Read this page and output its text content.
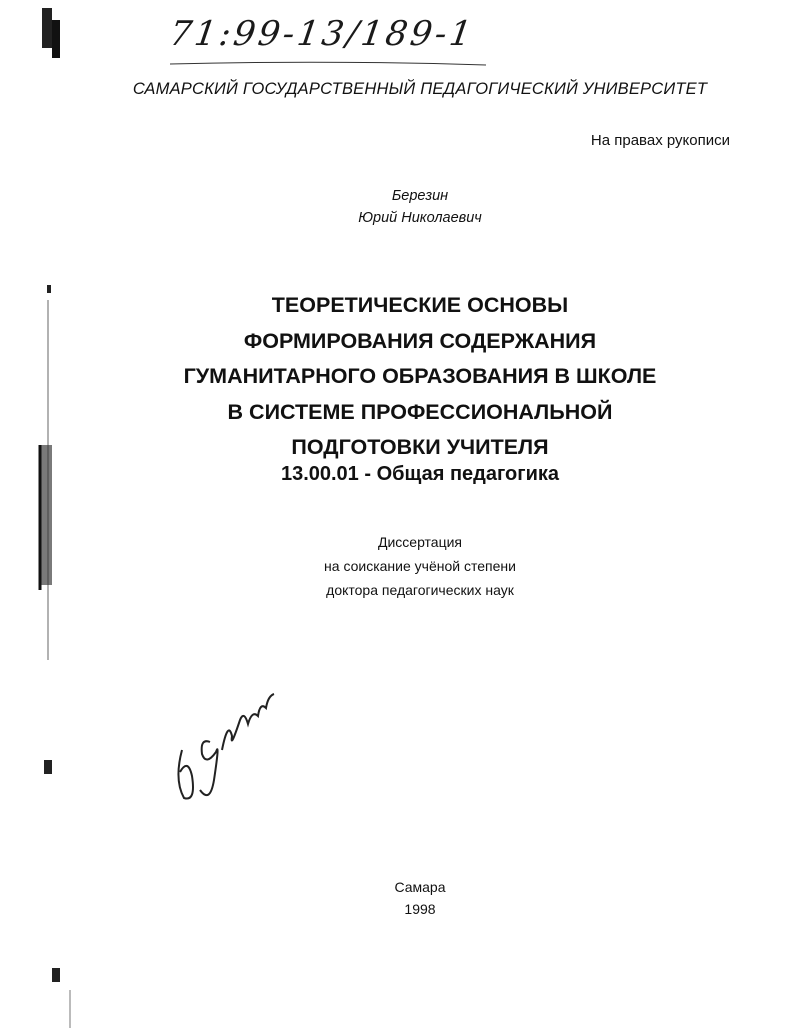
71:99-13/189-1
САМАРСКИЙ ГОСУДАРСТВЕННЫЙ ПЕДАГОГИЧЕСКИЙ УНИВЕРСИТЕТ
На правах рукописи
Березин
Юрий Николаевич
ТЕОРЕТИЧЕСКИЕ ОСНОВЫ
ФОРМИРОВАНИЯ СОДЕРЖАНИЯ
ГУМАНИТАРНОГО ОБРАЗОВАНИЯ В ШКОЛЕ
В СИСТЕМЕ ПРОФЕССИОНАЛЬНОЙ
ПОДГОТОВКИ УЧИТЕЛЯ
13.00.01 - Общая педагогика
Диссертация
на соискание учёной степени
доктора педагогических наук
Самара
1998
